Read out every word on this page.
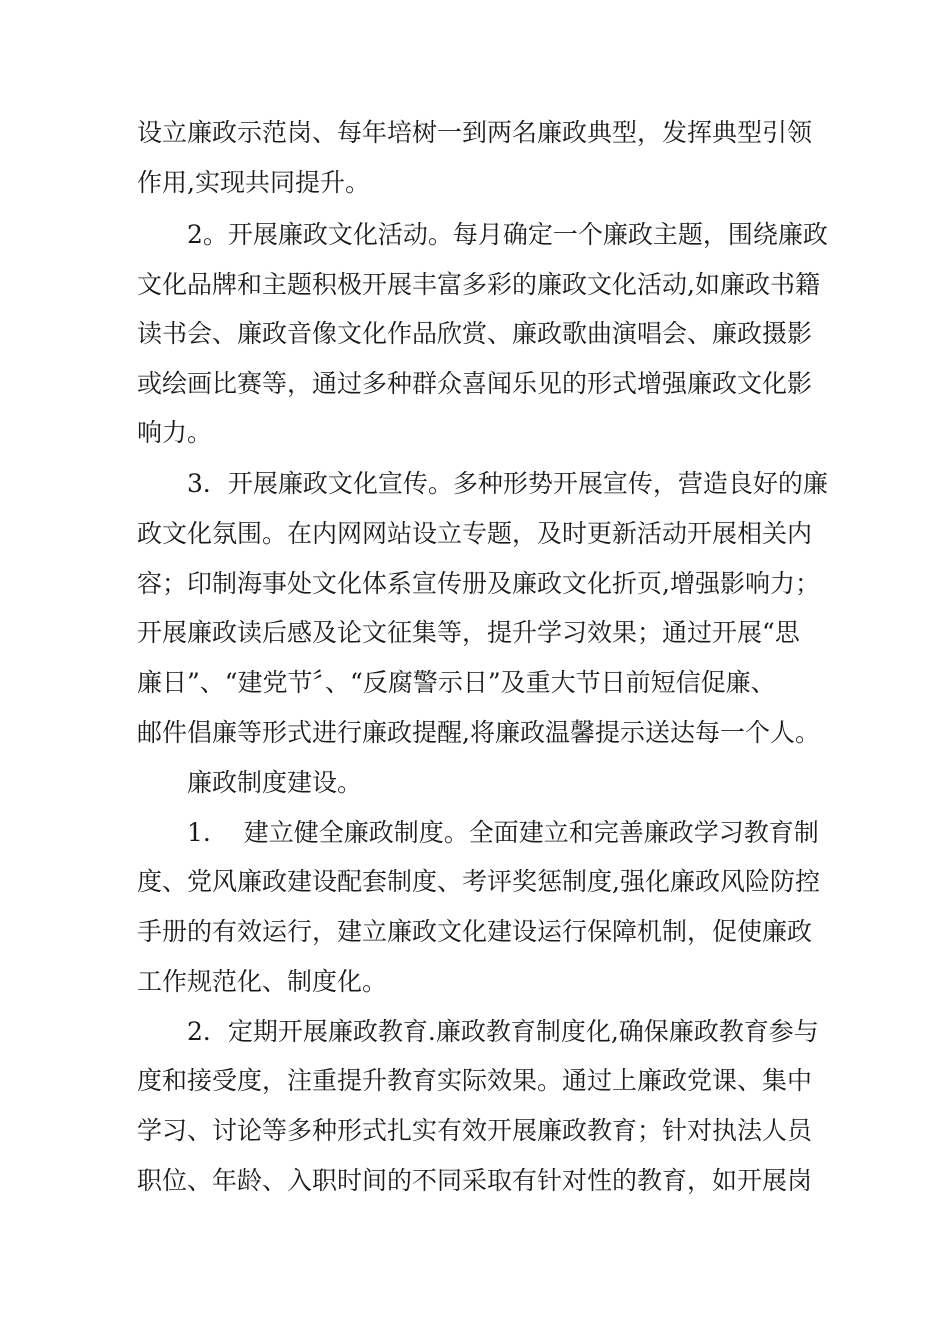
设立廉政示范岗、每年培树一到两名廉政典型，发挥典型引领
作用,实现共同提升。
2。开展廉政文化活动。每月确定一个廉政主题，围绕廉政
文化品牌和主题积极开展丰富多彩的廉政文化活动,如廉政书籍
读书会、廉政音像文化作品欣赏、廉政歌曲演唱会、廉政摄影
或绘画比赛等，通过多种群众喜闻乐见的形式增强廉政文化影
响力。
3．开展廉政文化宣传。多种形势开展宣传，营造良好的廉
政文化氛围。在内网网站设立专题，及时更新活动开展相关内
容；印制海事处文化体系宣传册及廉政文化折页,增强影响力；
开展廉政读后感及论文征集等，提升学习效果；通过开展“思
廉日”、“建党节〞、“反腐警示日”及重大节日前短信促廉、
邮件倡廉等形式进行廉政提醒,将廉政温馨提示送达每一个人。
廉政制度建设。
1.　 建立健全廉政制度。全面建立和完善廉政学习教育制
度、党风廉政建设配套制度、考评奖惩制度,强化廉政风险防控
手册的有效运行，建立廉政文化建设运行保障机制，促使廉政
工作规范化、制度化。
2．定期开展廉政教育.廉政教育制度化,确保廉政教育参与
度和接受度，注重提升教育实际效果。通过上廉政党课、集中
学习、讨论等多种形式扎实有效开展廉政教育；针对执法人员
职位、年龄、入职时间的不同采取有针对性的教育，如开展岗
